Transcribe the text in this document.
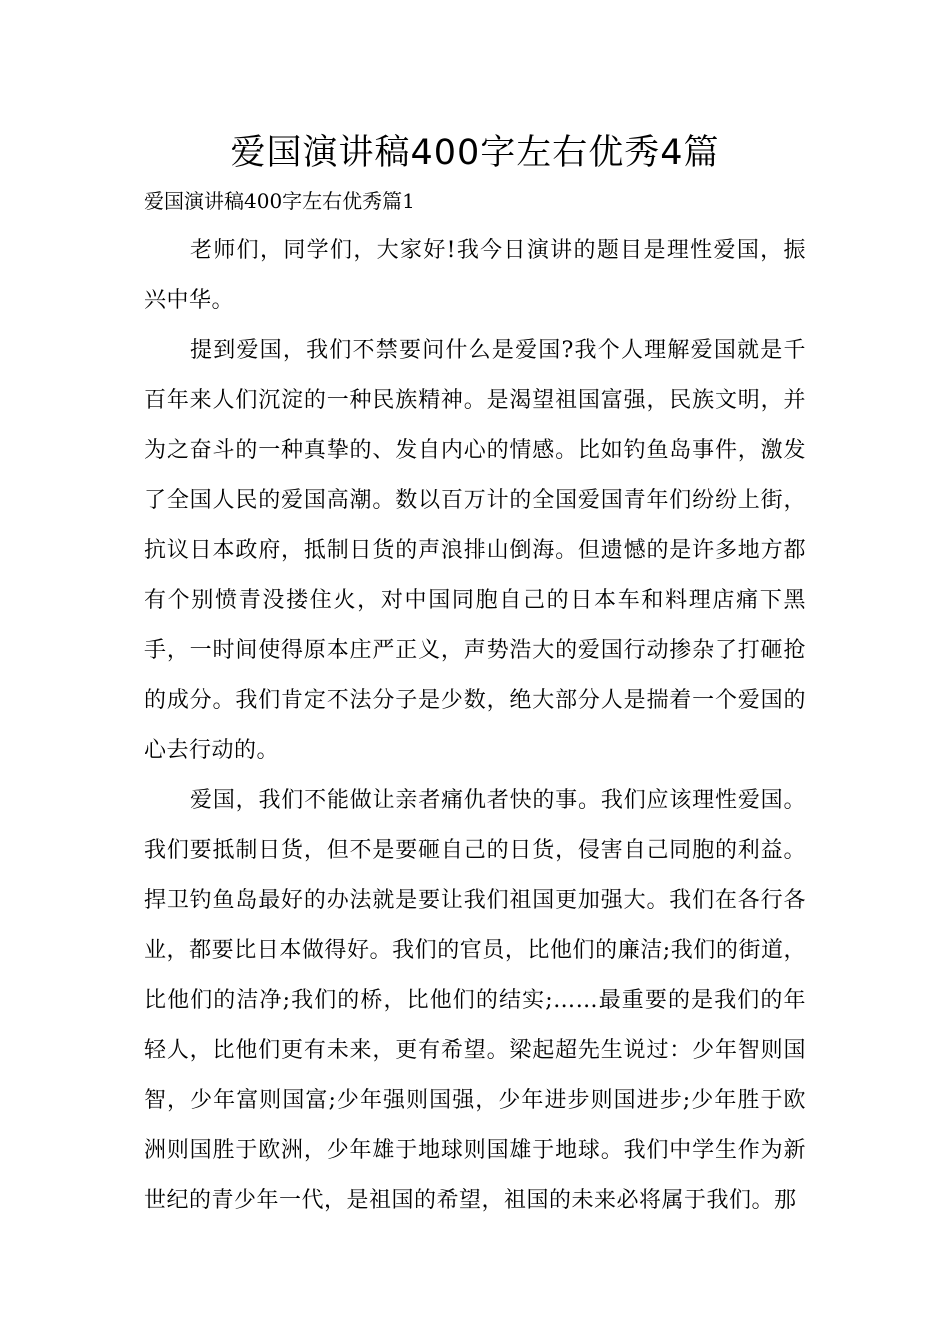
爱国演讲稿400字左右优秀4篇
爱国演讲稿400字左右优秀篇1

老师们，同学们，大家好!我今日演讲的题目是理性爱国，振兴中华。

提到爱国，我们不禁要问什么是爱国?我个人理解爱国就是千百年来人们沉淀的一种民族精神。是渴望祖国富强，民族文明，并为之奋斗的一种真挚的、发自内心的情感。比如钓鱼岛事件，激发了全国人民的爱国高潮。数以百万计的全国爱国青年们纷纷上街，抗议日本政府，抵制日货的声浪排山倒海。但遗憾的是许多地方都有个别愤青没搂住火，对中国同胞自己的日本车和料理店痛下黑手，一时间使得原本庄严正义，声势浩大的爱国行动掺杂了打砸抢的成分。我们肯定不法分子是少数，绝大部分人是揣着一个爱国的心去行动的。

爱国，我们不能做让亲者痛仇者快的事。我们应该理性爱国。我们要抵制日货，但不是要砸自己的日货，侵害自己同胞的利益。捍卫钓鱼岛最好的办法就是要让我们祖国更加强大。我们在各行各业，都要比日本做得好。我们的官员，比他们的廉洁;我们的街道，比他们的洁净;我们的桥，比他们的结实;……最重要的是我们的年轻人，比他们更有未来，更有希望。梁起超先生说过：少年智则国智，少年富则国富;少年强则国强，少年进步则国进步;少年胜于欧洲则国胜于欧洲，少年雄于地球则国雄于地球。我们中学生作为新世纪的青少年一代，是祖国的希望，祖国的未来必将属于我们。那
